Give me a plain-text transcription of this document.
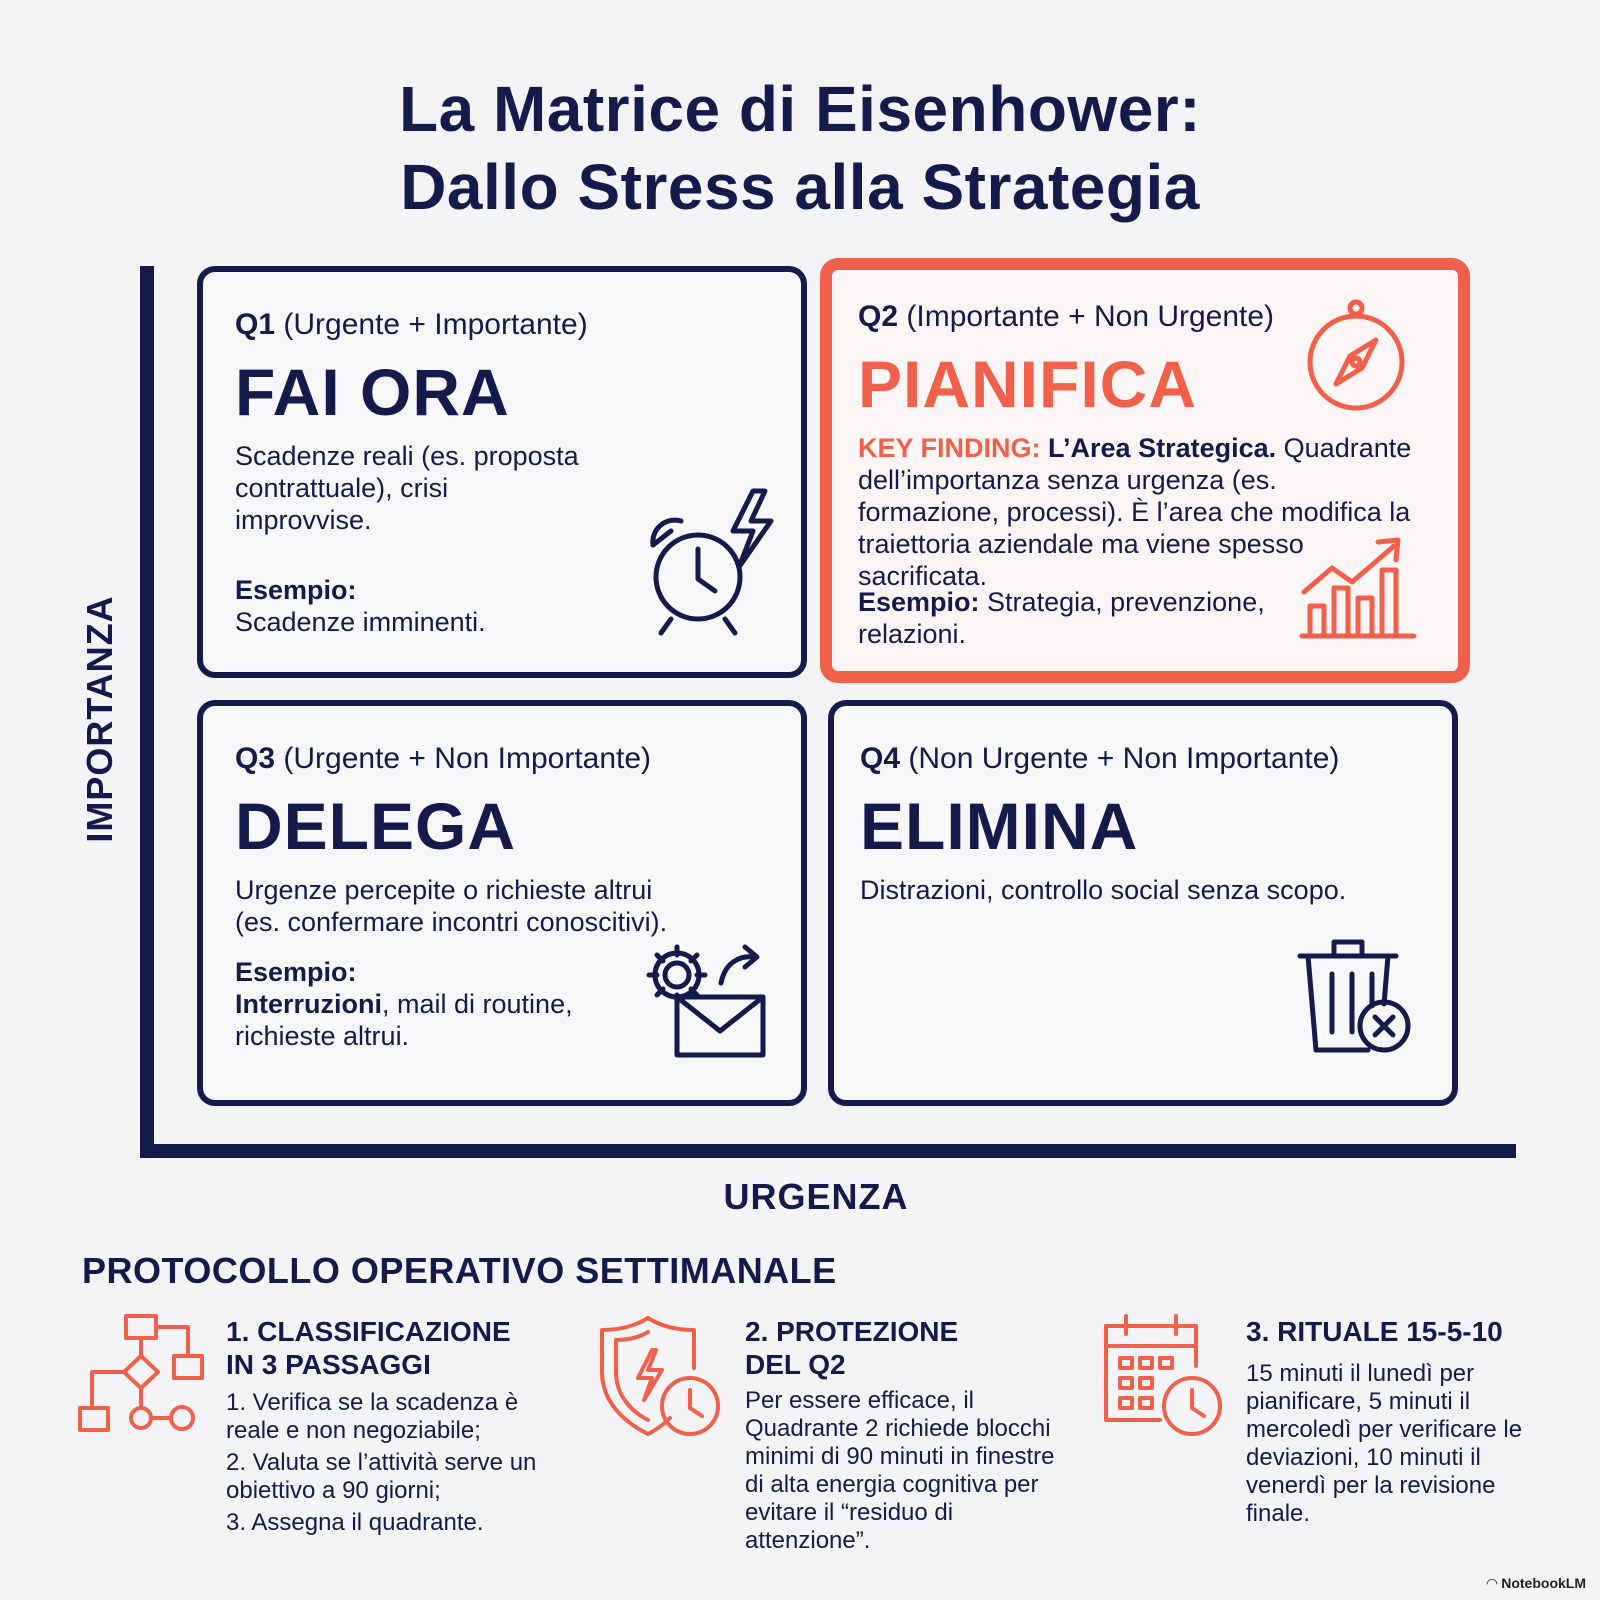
La Matrice di Eisenhower:
Dallo Stress alla Strategia
IMPORTANZA
URGENZA
Q1 (Urgente + Importante)
FAI ORA
Scadenze reali (es. proposta contrattuale), crisi improvvise.
Esempio:
Scadenze imminenti.
Q2 (Importante + Non Urgente)
PIANIFICA
KEY FINDING: L’Area Strategica. Quadrante dell’importanza senza urgenza (es. formazione, processi). È l’area che modifica la traiettoria aziendale ma viene spesso sacrificata.
Esempio: Strategia, prevenzione, relazioni.
Q3 (Urgente + Non Importante)
DELEGA
Urgenze percepite o richieste altrui (es. confermare incontri conoscitivi).
Esempio:
Interruzioni, mail di routine, richieste altrui.
Q4 (Non Urgente + Non Importante)
ELIMINA
Distrazioni, controllo social senza scopo.
PROTOCOLLO OPERATIVO SETTIMANALE
1. CLASSIFICAZIONE
IN 3 PASSAGGI
1. Verifica se la scadenza è reale e non negoziabile;
2. Valuta se l’attività serve un obiettivo a 90 giorni;
3. Assegna il quadrante.
2. PROTEZIONE
DEL Q2
Per essere efficace, il Quadrante 2 richiede blocchi minimi di 90 minuti in finestre di alta energia cognitiva per evitare il “residuo di attenzione”.
3. RITUALE 15-5-10
15 minuti il lunedì per pianificare, 5 minuti il mercoledì per verificare le deviazioni, 10 minuti il venerdì per la revisione finale.
◠ NotebookLM
